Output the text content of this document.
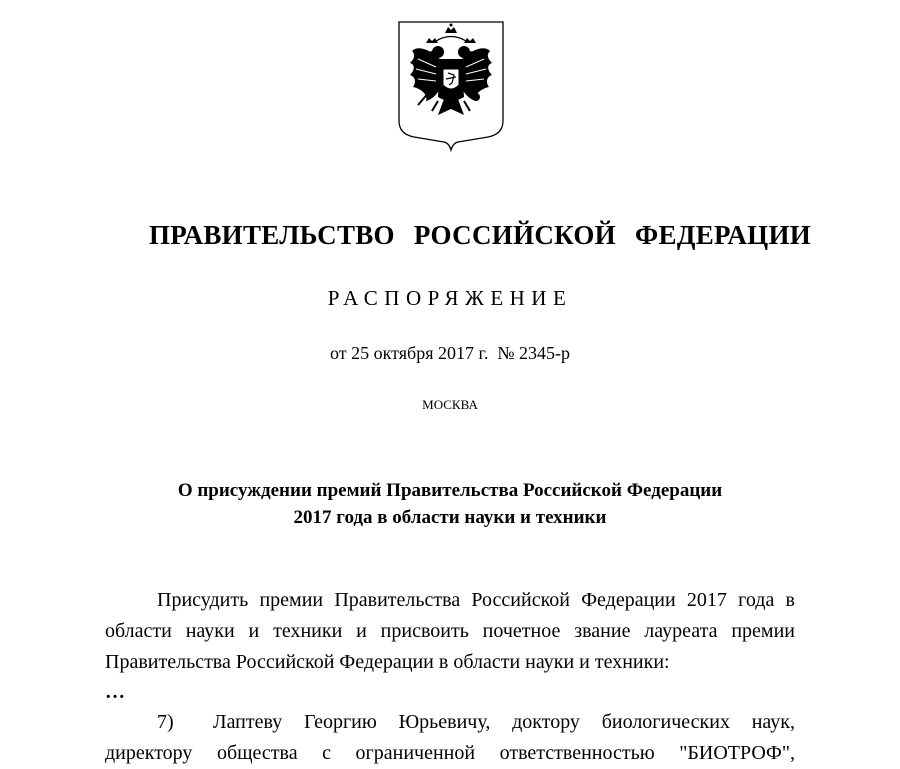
ПРАВИТЕЛЬСТВО РОССИЙСКОЙ ФЕДЕРАЦИИ
РАСПОРЯЖЕНИЕ
от 25 октября 2017 г.  № 2345-р
МОСКВА
О присуждении премий Правительства Российской Федерации
2017 года в области науки и техники
Присудить премии Правительства Российской Федерации 2017 года в области науки и техники и присвоить почетное звание лауреата премии Правительства Российской Федерации в области науки и техники:
…
7) Лаптеву Георгию Юрьевичу, доктору биологических наук,
директору общества с ограниченной ответственностью "БИОТРОФ",
